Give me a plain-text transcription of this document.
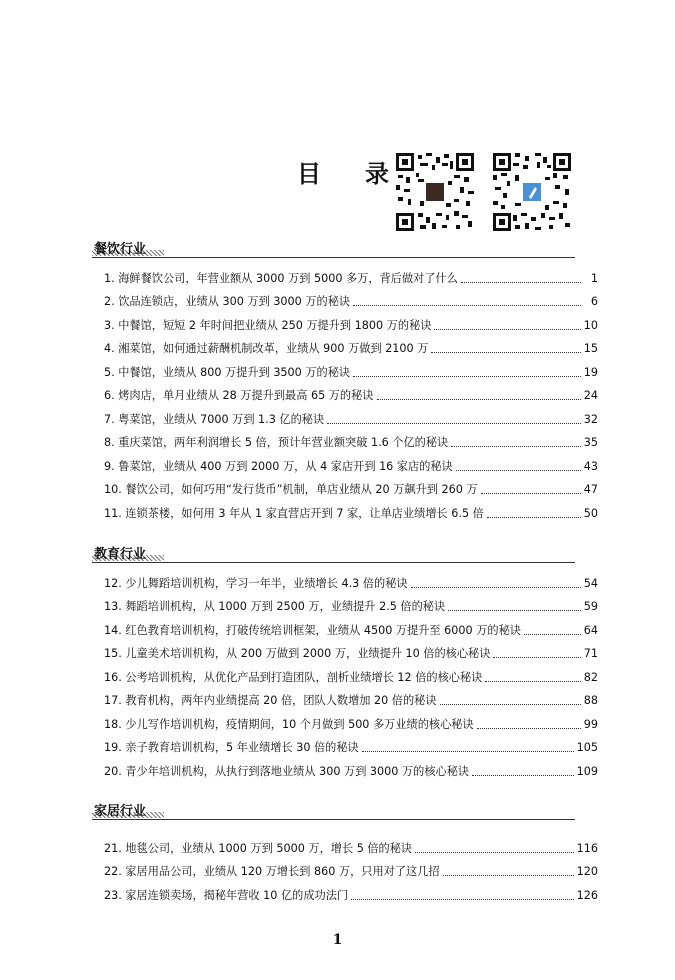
目 录
餐饮行业
1. 海鲜餐饮公司，年营业额从 3000 万到 5000 多万，背后做对了什么	1
2. 饮品连锁店，业绩从 300 万到 3000 万的秘诀	6
3. 中餐馆，短短 2 年时间把业绩从 250 万提升到 1800 万的秘诀	10
4. 湘菜馆，如何通过薪酬机制改革，业绩从 900 万做到 2100 万	15
5. 中餐馆，业绩从 800 万提升到 3500 万的秘诀	19
6. 烤肉店，单月业绩从 28 万提升到最高 65 万的秘诀	24
7. 粤菜馆，业绩从 7000 万到 1.3 亿的秘诀	32
8. 重庆菜馆，两年利润增长 5 倍，预计年营业额突破 1.6 个亿的秘诀	35
9. 鲁菜馆，业绩从 400 万到 2000 万，从 4 家店开到 16 家店的秘诀	43
10. 餐饮公司，如何巧用“发行货币”机制，单店业绩从 20 万飙升到 260 万	47
11. 连锁茶楼，如何用 3 年从 1 家直营店开到 7 家，让单店业绩增长 6.5 倍	50
教育行业
12. 少儿舞蹈培训机构，学习一年半，业绩增长 4.3 倍的秘诀	54
13. 舞蹈培训机构，从 1000 万到 2500 万，业绩提升 2.5 倍的秘诀	59
14. 红色教育培训机构，打破传统培训框架，业绩从 4500 万提升至 6000 万的秘诀	64
15. 儿童美术培训机构，从 200 万做到 2000 万，业绩提升 10 倍的核心秘诀	71
16. 公考培训机构，从优化产品到打造团队，剖析业绩增长 12 倍的核心秘诀	82
17. 教育机构，两年内业绩提高 20 倍，团队人数增加 20 倍的秘诀	88
18. 少儿写作培训机构，疫情期间，10 个月做到 500 多万业绩的核心秘诀	99
19. 亲子教育培训机构，5 年业绩增长 30 倍的秘诀	105
20. 青少年培训机构，从执行到落地业绩从 300 万到 3000 万的核心秘诀	109
家居行业
21. 地毯公司，业绩从 1000 万到 5000 万，增长 5 倍的秘诀	116
22. 家居用品公司，业绩从 120 万增长到 860 万，只用对了这几招	120
23. 家居连锁卖场，揭秘年营收 10 亿的成功法门	126
1
